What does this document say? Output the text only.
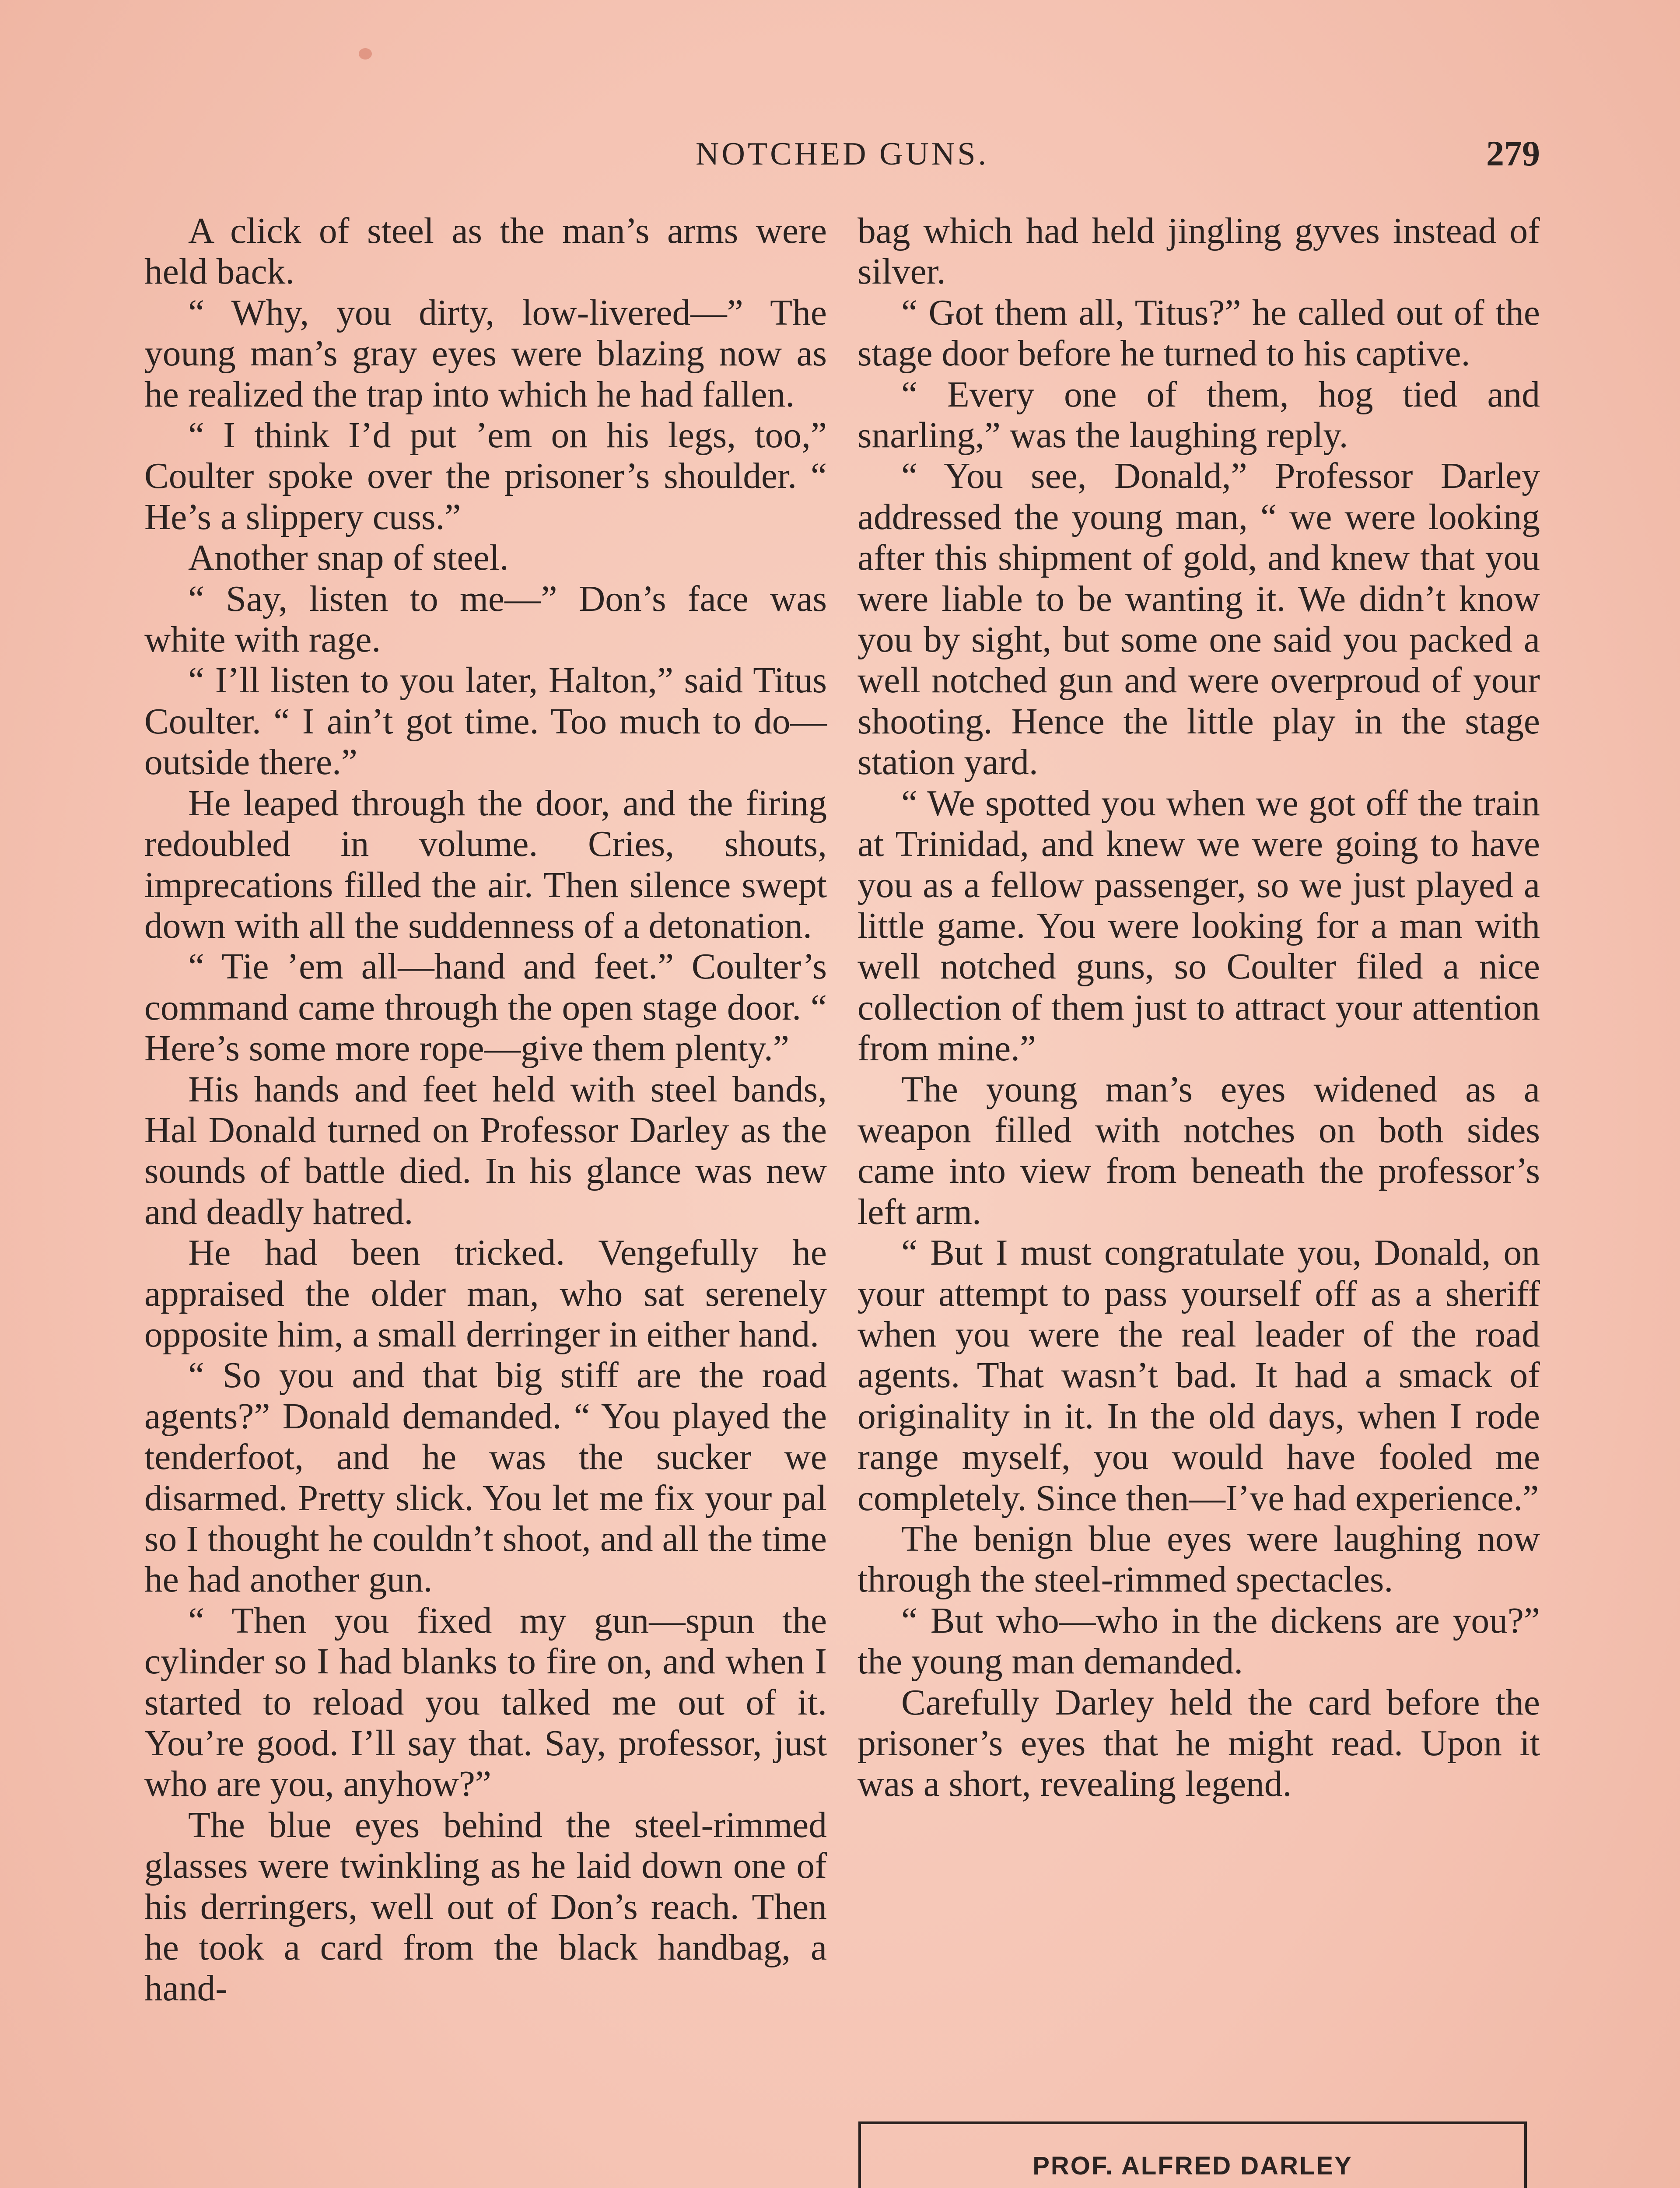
NOTCHED GUNS.	279

A click of steel as the man’s arms were held back.

“ Why, you dirty, low-livered—” The young man’s gray eyes were blazing now as he realized the trap into which he had fallen.

“ I think I’d put ’em on his legs, too,” Coulter spoke over the prisoner’s shoulder. “ He’s a slippery cuss.”

Another snap of steel.

“ Say, listen to me—” Don’s face was white with rage.

“ I’ll listen to you later, Halton,” said Titus Coulter. “ I ain’t got time. Too much to do—outside there.”

He leaped through the door, and the firing redoubled in volume. Cries, shouts, imprecations filled the air. Then silence swept down with all the suddenness of a detonation.

“ Tie ’em all—hand and feet.” Coulter’s command came through the open stage door. “ Here’s some more rope—give them plenty.”

His hands and feet held with steel bands, Hal Donald turned on Professor Darley as the sounds of battle died. In his glance was new and deadly hatred.

He had been tricked. Vengefully he appraised the older man, who sat serenely opposite him, a small derringer in either hand.

“ So you and that big stiff are the road agents?” Donald demanded. “ You played the tenderfoot, and he was the sucker we disarmed. Pretty slick. You let me fix your pal so I thought he couldn’t shoot, and all the time he had another gun.

“ Then you fixed my gun—spun the cylinder so I had blanks to fire on, and when I started to reload you talked me out of it. You’re good. I’ll say that. Say, professor, just who are you, anyhow?”

The blue eyes behind the steel-rimmed glasses were twinkling as he laid down one of his derringers, well out of Don’s reach. Then he took a card from the black handbag, a hand-

bag which had held jingling gyves instead of silver.

“ Got them all, Titus?” he called out of the stage door before he turned to his captive.

“ Every one of them, hog tied and snarling,” was the laughing reply.

“ You see, Donald,” Professor Darley addressed the young man, “ we were looking after this shipment of gold, and knew that you were liable to be wanting it. We didn’t know you by sight, but some one said you packed a well notched gun and were overproud of your shooting. Hence the little play in the stage station yard.

“ We spotted you when we got off the train at Trinidad, and knew we were going to have you as a fellow passenger, so we just played a little game. You were looking for a man with well notched guns, so Coulter filed a nice collection of them just to attract your attention from mine.”

The young man’s eyes widened as a weapon filled with notches on both sides came into view from beneath the professor’s left arm.

“ But I must congratulate you, Donald, on your attempt to pass yourself off as a sheriff when you were the real leader of the road agents. That wasn’t bad. It had a smack of originality in it. In the old days, when I rode range myself, you would have fooled me completely. Since then—I’ve had experience.”

The benign blue eyes were laughing now through the steel-rimmed spectacles.

“ But who—who in the dickens are you?” the young man demanded.

Carefully Darley held the card before the prisoner’s eyes that he might read. Upon it was a short, revealing legend.

PROF. ALFRED DARLEY
